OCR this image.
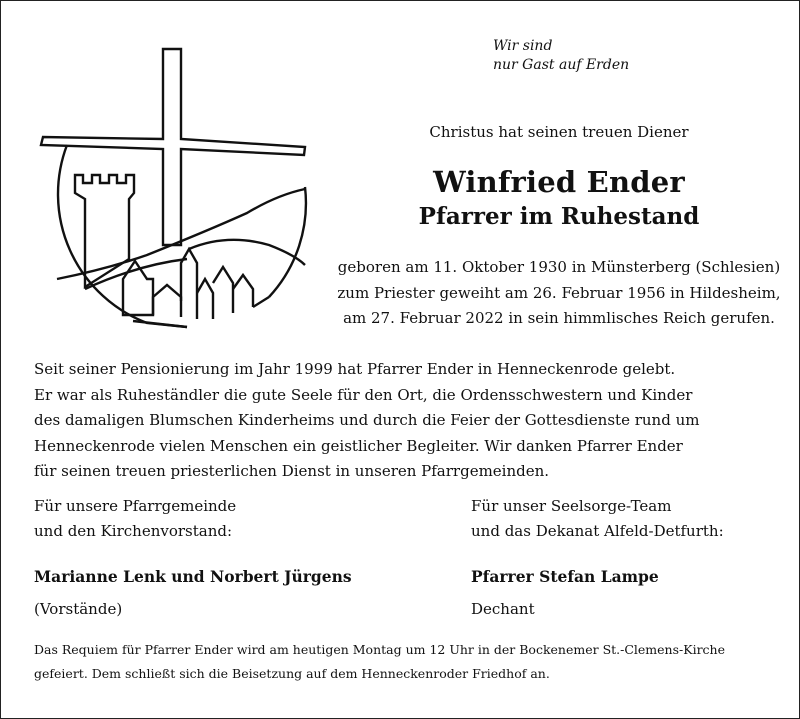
Wir sind
nur Gast auf Erden
Christus hat seinen treuen Diener
Winfried Ender
Pfarrer im Ruhestand
geboren am 11. Oktober 1930 in Münsterberg (Schlesien)
zum Priester geweiht am 26. Februar 1956 in Hildesheim,
am 27. Februar 2022 in sein himmlisches Reich gerufen.
Seit seiner Pensionierung im Jahr 1999 hat Pfarrer Ender in Henneckenrode gelebt.
Er war als Ruheständler die gute Seele für den Ort, die Ordensschwestern und Kinder
des damaligen Blumschen Kinderheims und durch die Feier der Gottesdienste rund um
Henneckenrode vielen Menschen ein geistlicher Begleiter. Wir danken Pfarrer Ender
für seinen treuen priesterlichen Dienst in unseren Pfarrgemeinden.
Für unsere Pfarrgemeinde
und den Kirchenvorstand:
Für unser Seelsorge-Team
und das Dekanat Alfeld-Detfurth:
Marianne Lenk und Norbert Jürgens
(Vorstände)
Pfarrer Stefan Lampe
Dechant
Das Requiem für Pfarrer Ender wird am heutigen Montag um 12 Uhr in der Bockenemer St.-Clemens-Kirche
gefeiert. Dem schließt sich die Beisetzung auf dem Henneckenroder Friedhof an.
